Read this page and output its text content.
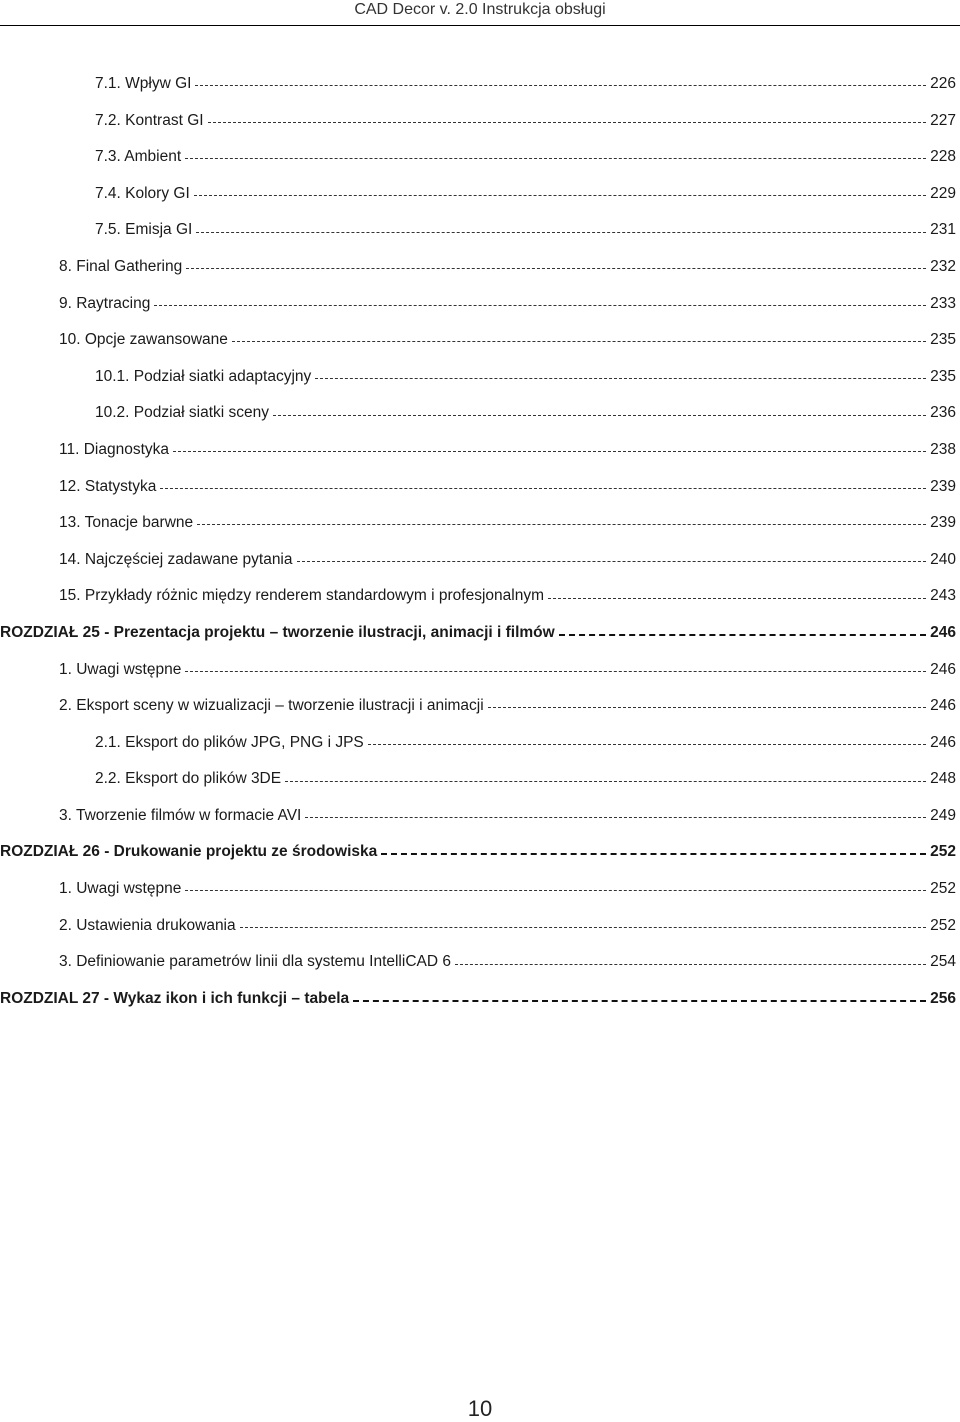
CAD Decor v. 2.0 Instrukcja obsługi
7.1. Wpływ GI	226
7.2. Kontrast GI	227
7.3. Ambient	228
7.4. Kolory GI	229
7.5. Emisja GI	231
8. Final Gathering	232
9. Raytracing	233
10. Opcje zawansowane	235
10.1. Podział siatki adaptacyjny	235
10.2. Podział siatki sceny	236
11. Diagnostyka	238
12. Statystyka	239
13. Tonacje barwne	239
14. Najczęściej zadawane pytania	240
15. Przykłady różnic między renderem standardowym i profesjonalnym	243
ROZDZIAŁ 25 - Prezentacja projektu – tworzenie ilustracji, animacji i filmów	246
1. Uwagi wstępne	246
2. Eksport sceny w wizualizacji – tworzenie ilustracji i animacji	246
2.1. Eksport do plików JPG, PNG i JPS	246
2.2. Eksport do plików 3DE	248
3. Tworzenie filmów w formacie AVI	249
ROZDZIAŁ 26 - Drukowanie projektu ze środowiska	252
1. Uwagi wstępne	252
2. Ustawienia drukowania	252
3. Definiowanie parametrów linii dla systemu IntelliCAD 6	254
ROZDZIAL 27 - Wykaz ikon i ich funkcji – tabela	256
10
